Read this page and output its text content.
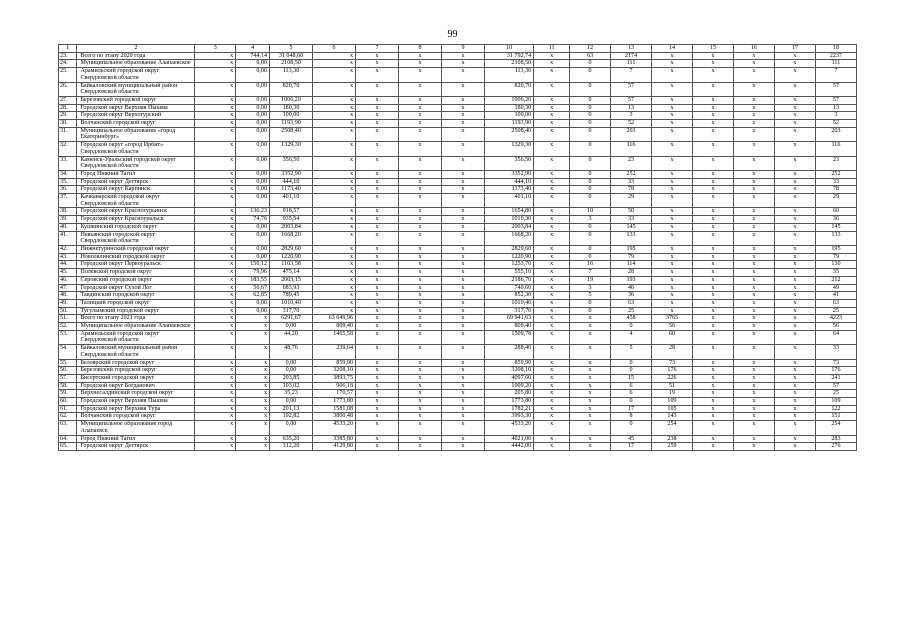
99
1	2	3	4	5	6	7	8	9	10	11	12	13	14	15	16	17	18
23.	Всего по этапу 2020 года	x	744,14	31 048,60	x	x	x	x	31 792,74	x	63	2174	x	x	x	x	2237
24.	Муниципальное образование Алапаевское	x	0,00	2108,50	x	x	x	x	2108,50	x	0	111	x	x	x	x	111
25.	Арамильский городской округ Свердловской области	x	0,00	113,30	x	x	x	x	113,30	x	0	7	x	x	x	x	7
26.	Байкаловский муниципальный район Свердловской области	x	0,00	820,70	x	x	x	x	820,70	x	0	57	x	x	x	x	57
27.	Березовский городской округ	x	0,00	1006,20	x	x	x	x	1006,20	x	0	57	x	x	x	x	57
28.	Городской округ Верхняя Пышма	x	0,00	180,30	x	x	x	x	180,30	x	0	13	x	x	x	x	13
29.	Городской округ Верхотурский	x	0,00	100,00	x	x	x	x	100,00	x	0	3	x	x	x	x	3
30.	Волчанский городской округ	x	0,00	1193,90	x	x	x	x	1193,90	x	0	52	x	x	x	x	52
31.	Муниципальное образование «город Екатеринбург»	x	0,00	2508,40	x	x	x	x	2508,40	x	0	203	x	x	x	x	203
32.	Городской округ «город Ирбит» Свердловской области	x	0,00	1329,30	x	x	x	x	1329,30	x	0	116	x	x	x	x	116
33.	Каменск-Уральский городской округ Свердловской области	x	0,00	356,50	x	x	x	x	356,50	x	0	23	x	x	x	x	23
34.	Город Нижний Тагил	x	0,00	3352,90	x	x	x	x	3352,90	x	0	252	x	x	x	x	252
35.	Городской округ Дегтярск	x	0,00	444,10	x	x	x	x	444,10	x	0	33	x	x	x	x	33
36.	Городской округ Карпинск	x	0,00	1173,40	x	x	x	x	1173,40	x	0	78	x	x	x	x	78
37.	Качканарский городской округ Свердловской области	x	0,00	401,10	x	x	x	x	401,10	x	0	29	x	x	x	x	29
38.	Городской округ Краснотурьинск	x	136,23	918,57	x	x	x	x	1654,80	x	10	50	x	x	x	x	60
39.	Городской округ Красноуральск	x	74,76	935,54	x	x	x	x	1010,30	x	3	33	x	x	x	x	36
40.	Кушвинский городской округ	x	0,00	2003,84	x	x	x	x	2003,84	x	0	145	x	x	x	x	145
41.	Невьянский городской округ Свердловской области	x	0,00	1668,20	x	x	x	x	1668,20	x	0	133	x	x	x	x	133
42.	Нижнетуринский городской округ	x	0,00	2829,60	x	x	x	x	2829,60	x	0	195	x	x	x	x	195
43.	Новолялинский городской округ	x	0,00	1220,90	x	x	x	x	1220,90	x	0	79	x	x	x	x	79
44.	Городской округ Первоуральск	x	150,12	1103,58	x	x	x	x	1253,70	x	16	114	x	x	x	x	130
45.	Полевской городской округ	x	79,96	475,14	x	x	x	x	555,10	x	7	28	x	x	x	x	35
46.	Серовский городской округ	x	183,55	2003,15	x	x	x	x	2186,70	x	19	193	x	x	x	x	212
47.	Городской округ Сухой Лог	x	56,67	683,93	x	x	x	x	740,60	x	3	46	x	x	x	x	49
48.	Тавдинский городской округ	x	62,85	789,45	x	x	x	x	852,30	x	5	36	x	x	x	x	41
49.	Талицкий городской округ	x	0,00	1010,40	x	x	x	x	1010,40	x	0	63	x	x	x	x	63
50.	Тугулымский городской округ	x	0,00	317,70	x	x	x	x	317,70	x	0	25	x	x	x	x	25
51.	Всего по этапу 2021 года	x	x	6291,67	63 649,96	x	x	x	69 941,63	x	x	458	3765	x	x	x	4223
52.	Муниципальное образование Алапаевское	x	x	0,00	809,40	x	x	x	809,40	x	x	0	56	x	x	x	56
53.	Арамильский городской округ Свердловской области	x	x	44,20	1465,58	x	x	x	1509,78	x	x	4	60	x	x	x	64
54.	Байкаловский муниципальный район Свердловской области	x	x	48,76	239,64	x	x	x	288,40	x	x	5	28	x	x	x	33
55.	Белоярский городской округ	x	x	0,00	859,90	x	x	x	859,90	x	x	0	73	x	x	x	73
56.	Березовский городской округ	x	x	0,00	3208,10	x	x	x	3208,10	x	x	0	176	x	x	x	176
57.	Бисертский городской округ	x	x	203,85	3893,75	x	x	x	4097,60	x	x	15	226	x	x	x	241
58.	Городской округ Богданович	x	x	103,02	906,18	x	x	x	1009,20	x	x	6	51	x	x	x	57
59.	Верхнесалдинский городской округ	x	x	35,23	170,57	x	x	x	205,80	x	x	6	19	x	x	x	25
60.	Городской округ Верхняя Пышма	x	x	0,00	1773,80	x	x	x	1773,80	x	x	0	109	x	x	x	109
61.	Городской округ Верхняя Тура	x	x	201,13	1581,08	x	x	x	1782,21	x	x	17	105	x	x	x	122
62.	Волчанский городской округ	x	x	192,82	3800,48	x	x	x	3993,30	x	x	8	143	x	x	x	151
63.	Муниципальное образование город Алапаевск	x	x	0,00	4533,20	x	x	x	4533,20	x	x	0	254	x	x	x	254
64.	Город Нижний Тагил	x	x	635,20	3385,80	x	x	x	4021,00	x	x	45	238	x	x	x	283
65.	Городской округ Дегтярск	x	x	312,20	4129,80	x	x	x	4442,00	x	x	17	259	x	x	x	276
